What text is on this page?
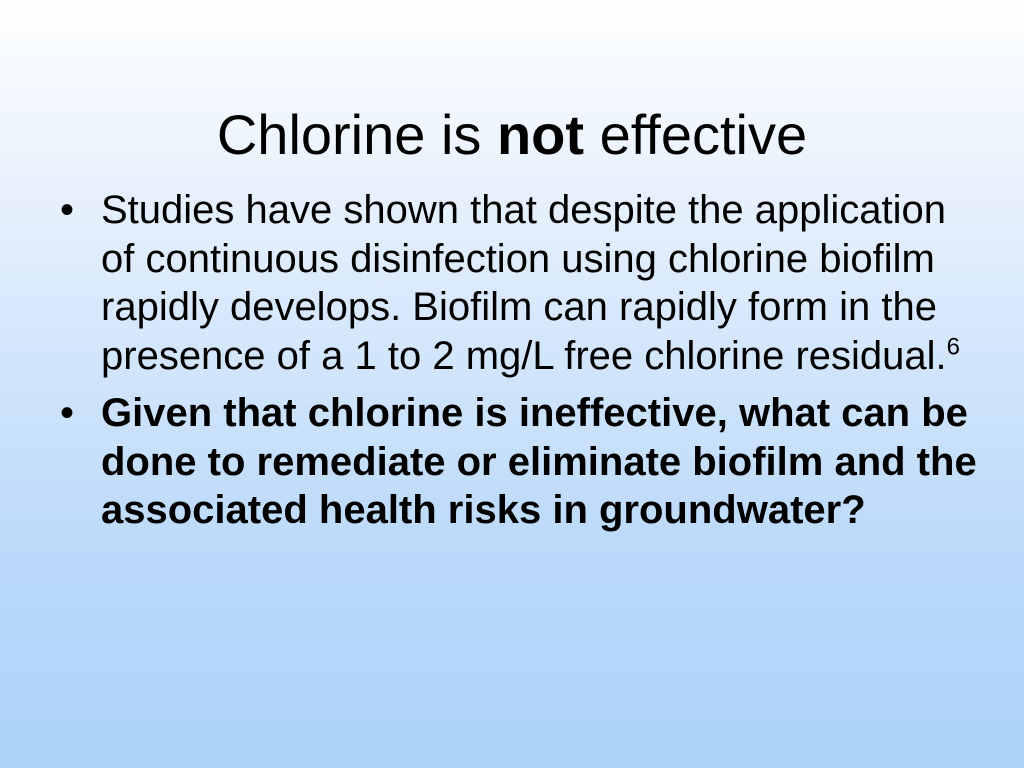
Chlorine is not effective
• Studies have shown that despite the application of continuous disinfection using chlorine biofilm rapidly develops. Biofilm can rapidly form in the presence of a 1 to 2 mg/L free chlorine residual.$^6$
• Given that chlorine is ineffective, what can be done to remediate or eliminate biofilm and the associated health risks in groundwater?
